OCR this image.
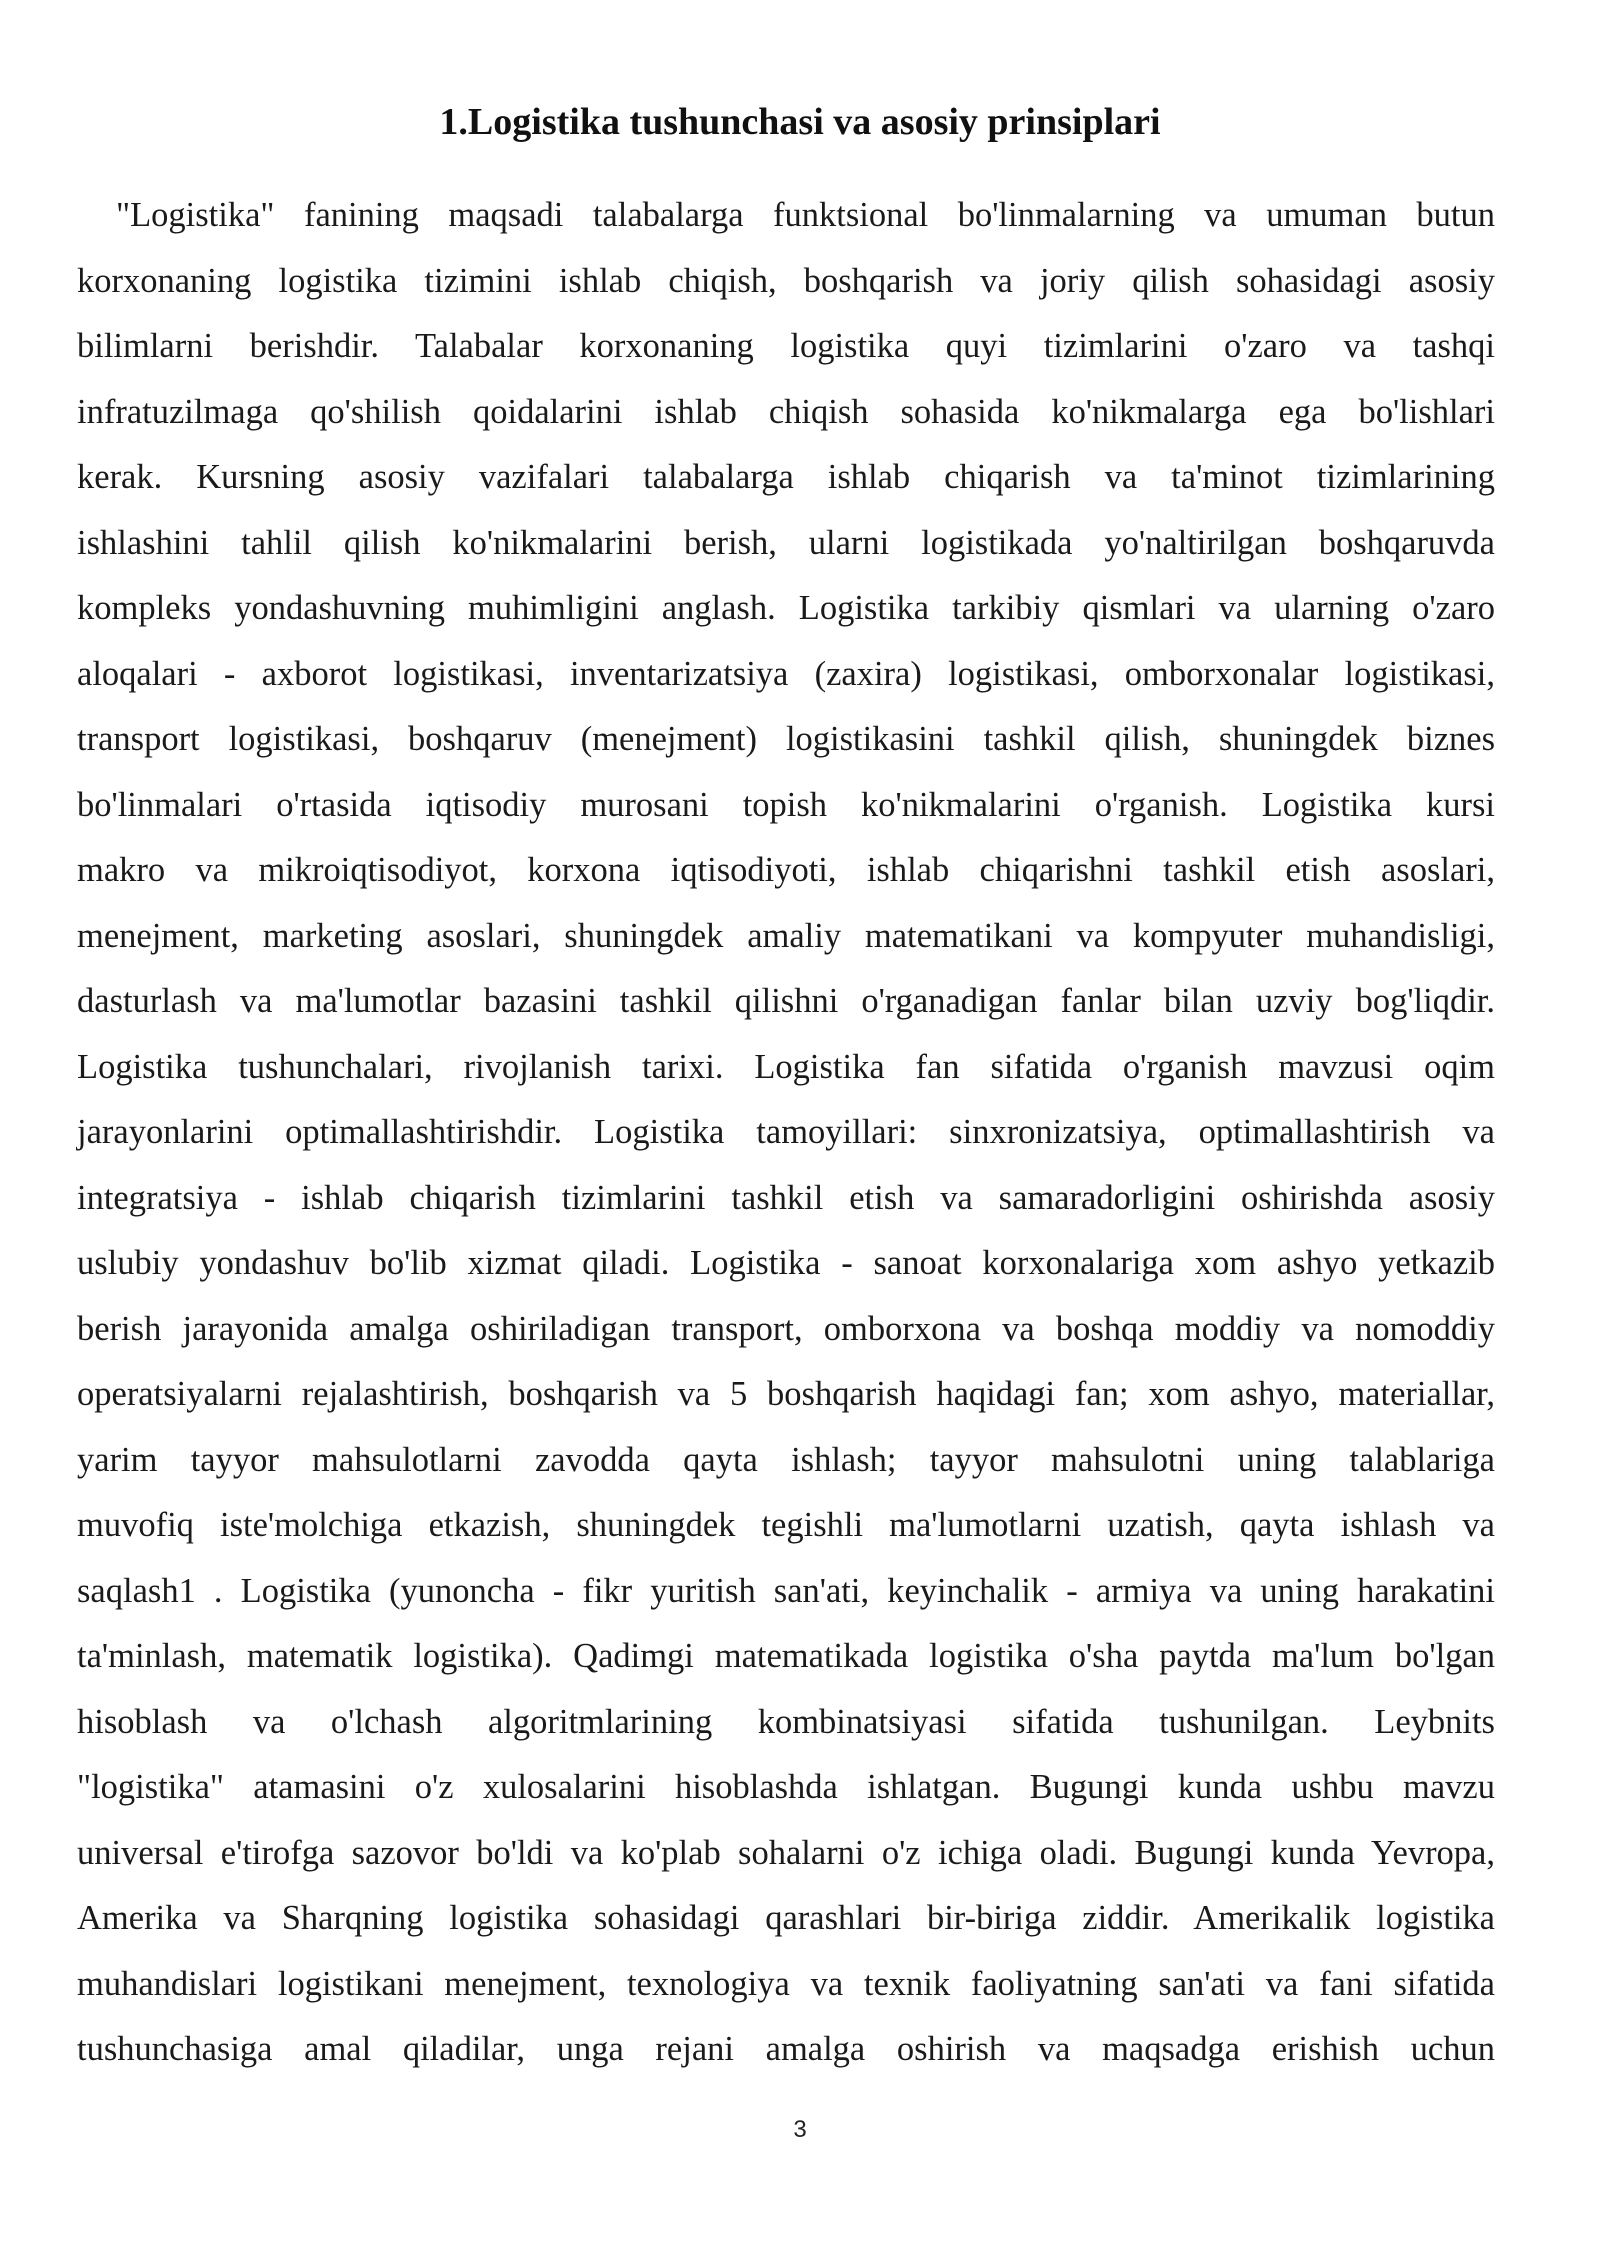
1.Logistika tushunchasi va asosiy prinsiplari
"Logistika" fanining maqsadi talabalarga funktsional bo'linmalarning va umuman butun
korxonaning logistika tizimini ishlab chiqish, boshqarish va joriy qilish sohasidagi asosiy
bilimlarni berishdir. Talabalar korxonaning logistika quyi tizimlarini o'zaro va tashqi
infratuzilmaga qo'shilish qoidalarini ishlab chiqish sohasida ko'nikmalarga ega bo'lishlari
kerak. Kursning asosiy vazifalari talabalarga ishlab chiqarish va ta'minot tizimlarining
ishlashini tahlil qilish ko'nikmalarini berish, ularni logistikada yo'naltirilgan boshqaruvda
kompleks yondashuvning muhimligini anglash. Logistika tarkibiy qismlari va ularning o'zaro
aloqalari - axborot logistikasi, inventarizatsiya (zaxira) logistikasi, omborxonalar logistikasi,
transport logistikasi, boshqaruv (menejment) logistikasini tashkil qilish, shuningdek biznes
bo'linmalari o'rtasida iqtisodiy murosani topish ko'nikmalarini o'rganish. Logistika kursi
makro va mikroiqtisodiyot, korxona iqtisodiyoti, ishlab chiqarishni tashkil etish asoslari,
menejment, marketing asoslari, shuningdek amaliy matematikani va kompyuter muhandisligi,
dasturlash va ma'lumotlar bazasini tashkil qilishni o'rganadigan fanlar bilan uzviy bog'liqdir.
Logistika tushunchalari, rivojlanish tarixi. Logistika fan sifatida o'rganish mavzusi oqim
jarayonlarini optimallashtirishdir. Logistika tamoyillari: sinxronizatsiya, optimallashtirish va
integratsiya - ishlab chiqarish tizimlarini tashkil etish va samaradorligini oshirishda asosiy
uslubiy yondashuv bo'lib xizmat qiladi. Logistika - sanoat korxonalariga xom ashyo yetkazib
berish jarayonida amalga oshiriladigan transport, omborxona va boshqa moddiy va nomoddiy
operatsiyalarni rejalashtirish, boshqarish va 5 boshqarish haqidagi fan; xom ashyo, materiallar,
yarim tayyor mahsulotlarni zavodda qayta ishlash; tayyor mahsulotni uning talablariga
muvofiq iste'molchiga etkazish, shuningdek tegishli ma'lumotlarni uzatish, qayta ishlash va
saqlash1 . Logistika (yunoncha - fikr yuritish san'ati, keyinchalik - armiya va uning harakatini
ta'minlash, matematik logistika). Qadimgi matematikada logistika o'sha paytda ma'lum bo'lgan
hisoblash va o'lchash algoritmlarining kombinatsiyasi sifatida tushunilgan. Leybnits
"logistika" atamasini o'z xulosalarini hisoblashda ishlatgan. Bugungi kunda ushbu mavzu
universal e'tirofga sazovor bo'ldi va ko'plab sohalarni o'z ichiga oladi. Bugungi kunda Yevropa,
Amerika va Sharqning logistika sohasidagi qarashlari bir-biriga ziddir. Amerikalik logistika
muhandislari logistikani menejment, texnologiya va texnik faoliyatning san'ati va fani sifatida
tushunchasiga amal qiladilar, unga rejani amalga oshirish va maqsadga erishish uchun
3
